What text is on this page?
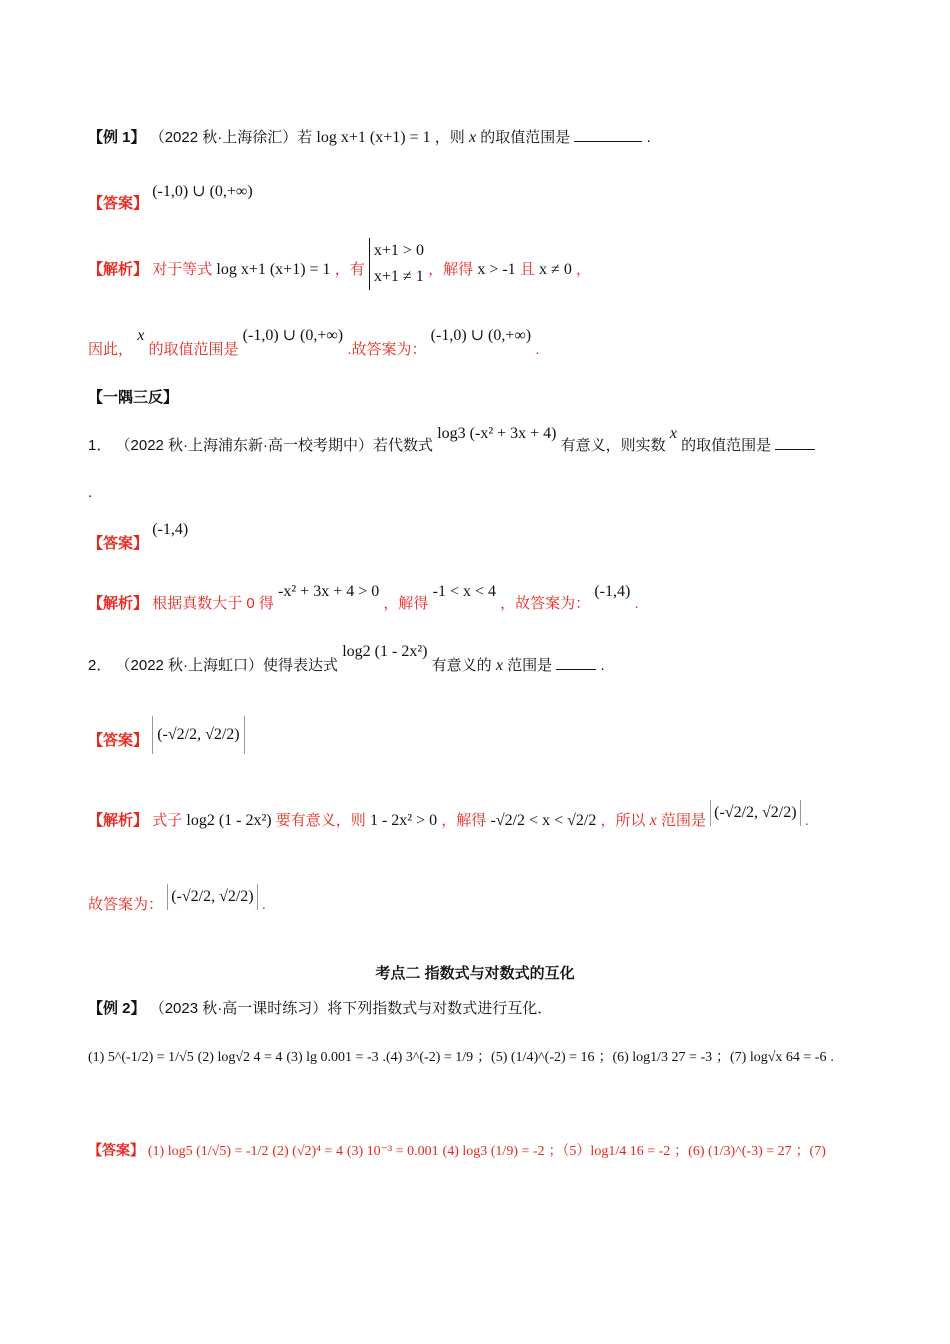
【例 1】 （2022 秋·上海徐汇）若 log x+1 (x+1) = 1 ，则 x 的取值范围是	.
【答案】 (-1,0) ∪ (0,+∞)
【解析】 对于等式 log x+1 (x+1) = 1 ，有
x+1 > 0
x+1 ≠ 1 ，解得 x > -1 且 x ≠ 0 ，
因此， x 的取值范围是 (-1,0) ∪ (0,+∞) .故答案为： (-1,0) ∪ (0,+∞) .
【一隅三反】
1． （2022 秋·上海浦东新·高一校考期中）若代数式 log3 (-x² + 3x + 4) 有意义，则实数 x 的取值范围是
.
【答案】 (-1,4)
【解析】 根据真数大于 0 得 -x² + 3x + 4 > 0 ，解得 -1 < x < 4 ，故答案为： (-1,4) .
2． （2022 秋·上海虹口）使得表达式 log2 (1 - 2x²) 有意义的 x 范围是	.
【答案】 (-√2/2, √2/2)
【解析】 式子 log2 (1 - 2x²) 要有意义，则 1 - 2x² > 0 ，解得 -√2/2 < x < √2/2 ，所以 x 范围是 (-√2/2, √2/2) .
故答案为： (-√2/2, √2/2) .
考点二 指数式与对数式的互化
【例 2】 （2023 秋·高一课时练习）将下列指数式与对数式进行互化．
(1) 5^(-1/2) = 1/√5 (2) log√2 4 = 4 (3) lg 0.001 = -3 .(4) 3^(-2) = 1/9 ；(5) (1/4)^(-2) = 16 ；(6) log1/3 27 = -3 ；(7) log√x 64 = -6 .
【答案】 (1) log5 (1/√5) = -1/2 (2) (√2)⁴ = 4 (3) 10⁻³ = 0.001 (4) log3 (1/9) = -2 ；（5）log1/4 16 = -2 ；(6) (1/3)^(-3) = 27 ；(7)
